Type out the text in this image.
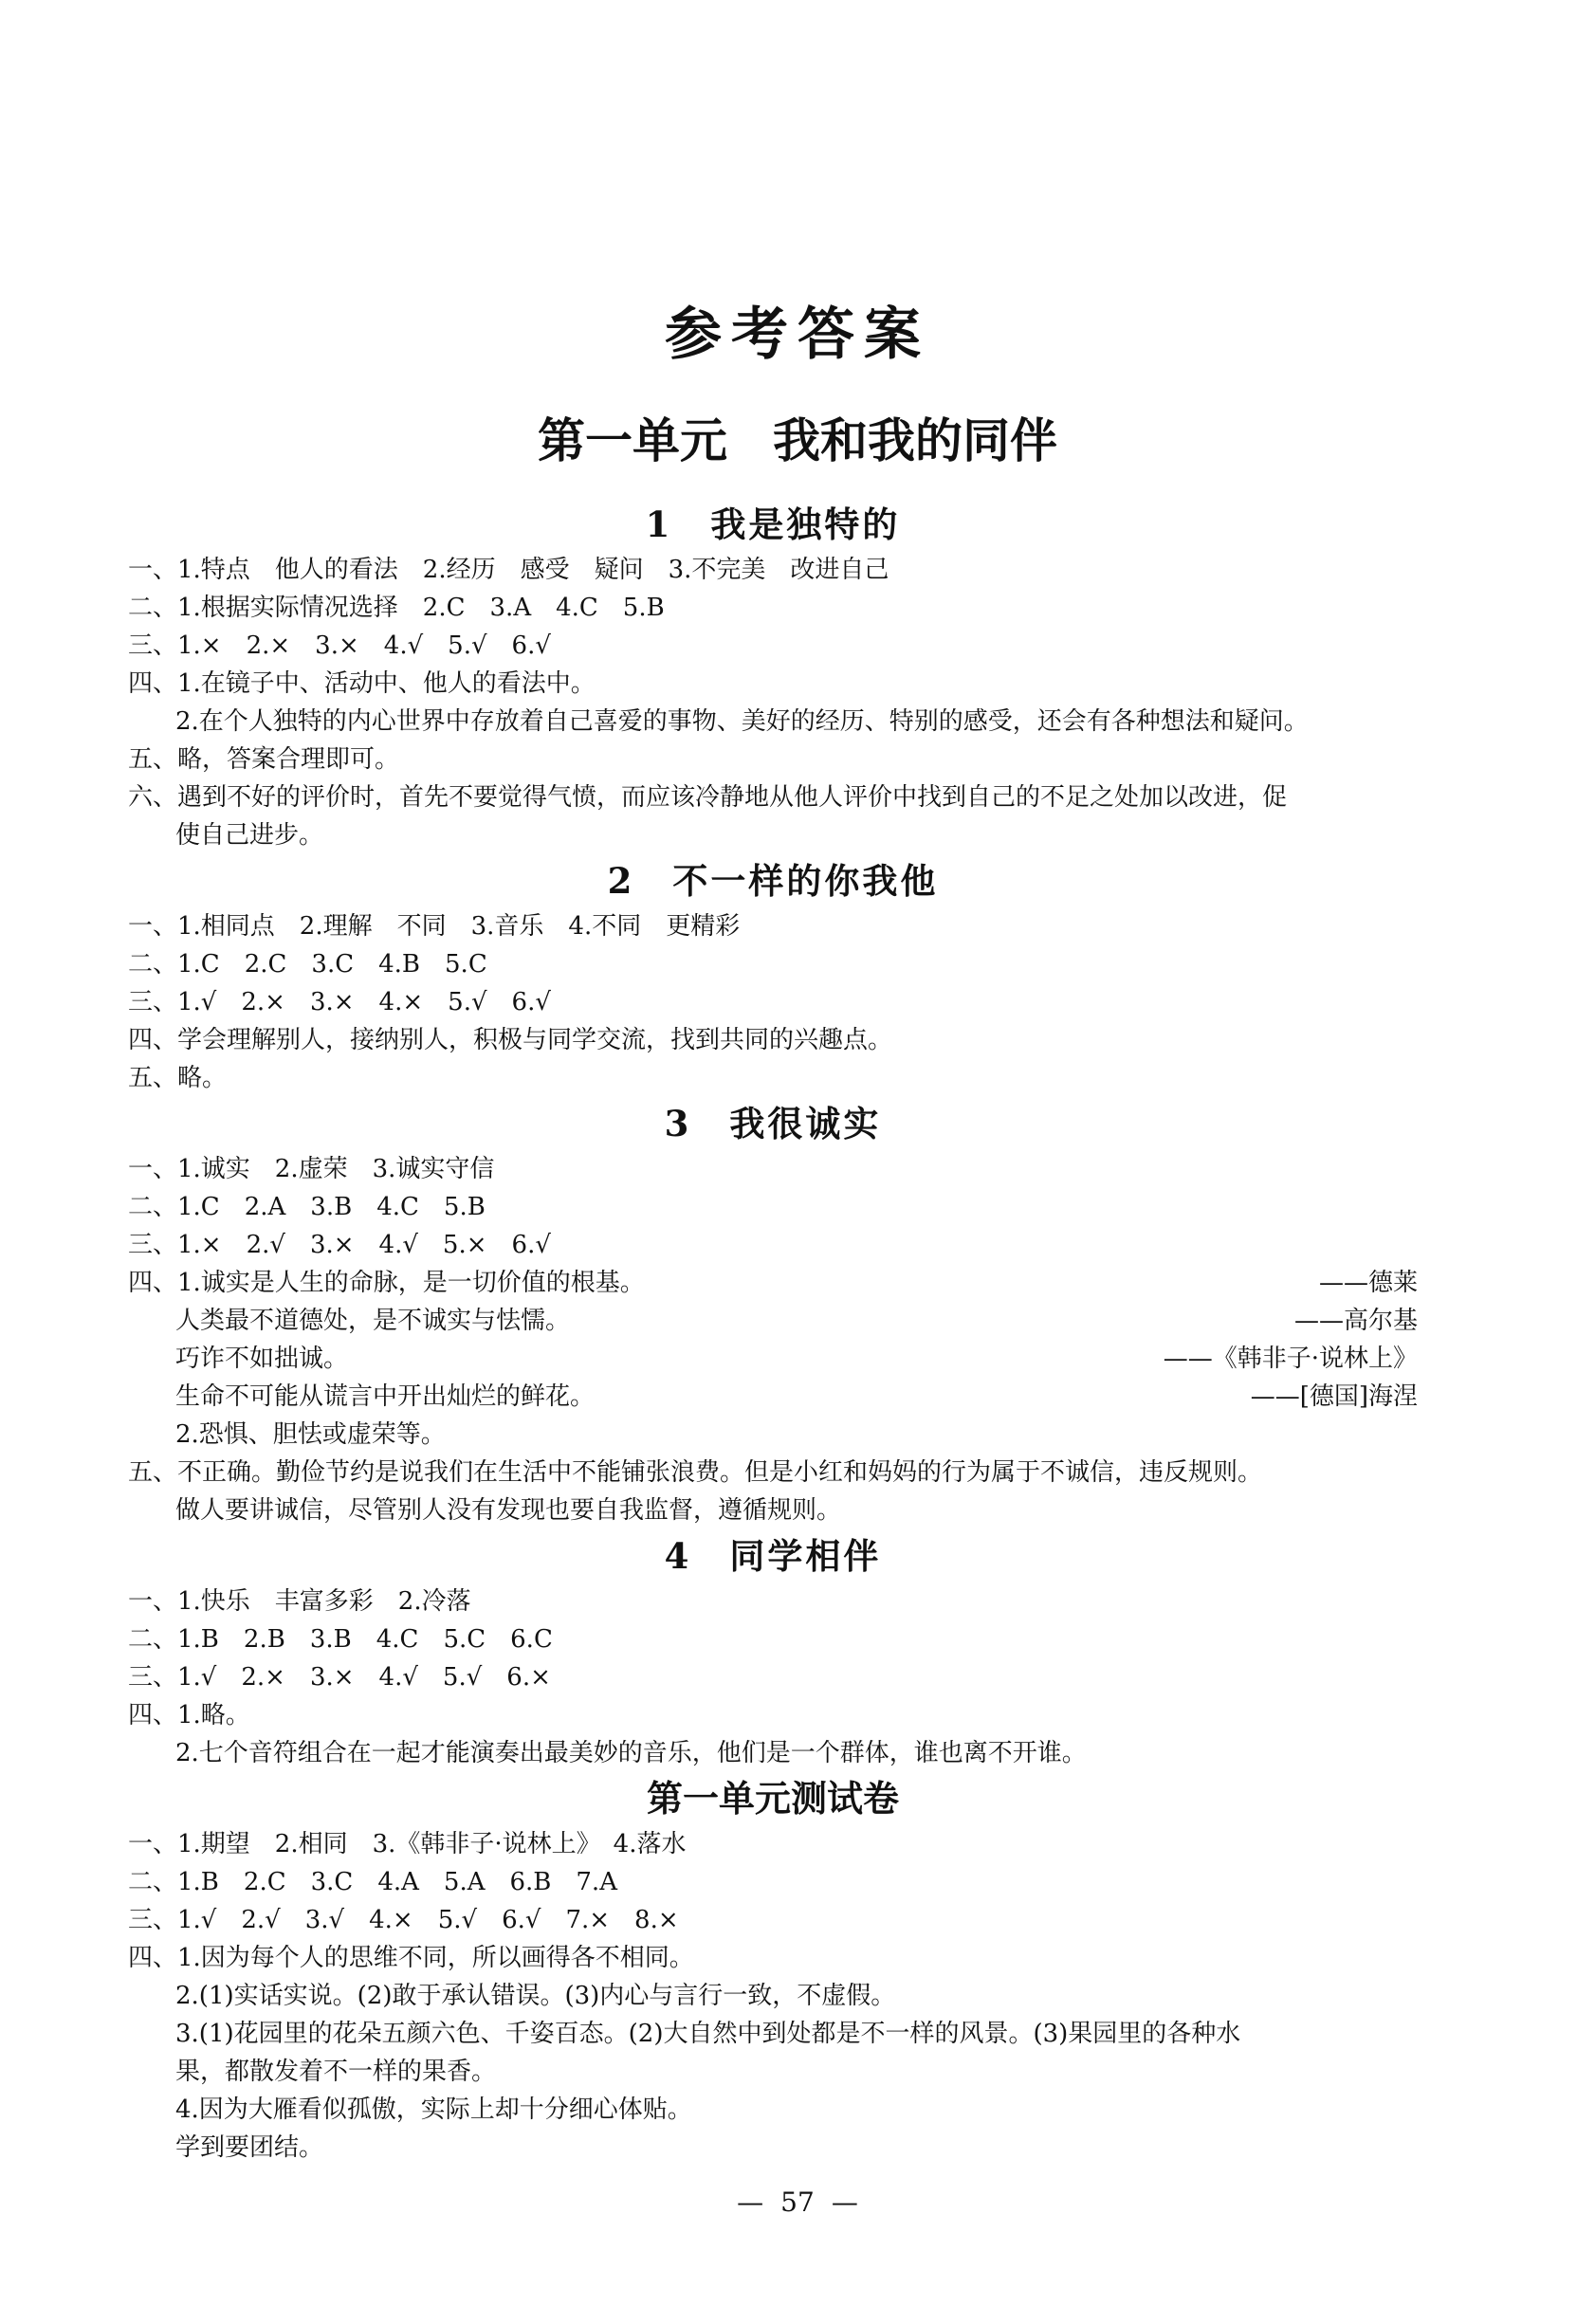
参考答案
第一单元 我和我的同伴
1 我是独特的
一、1.特点　他人的看法　2.经历　感受　疑问　3.不完美　改进自己
二、1.根据实际情况选择　2.C　3.A　4.C　5.B
三、1.×　2.×　3.×　4.√　5.√　6.√
四、1.在镜子中、活动中、他人的看法中。
2.在个人独特的内心世界中存放着自己喜爱的事物、美好的经历、特别的感受，还会有各种想法和疑问。
五、略，答案合理即可。
六、遇到不好的评价时，首先不要觉得气愤，而应该冷静地从他人评价中找到自己的不足之处加以改进，促
使自己进步。
2 不一样的你我他
一、1.相同点　2.理解　不同　3.音乐　4.不同　更精彩
二、1.C　2.C　3.C　4.B　5.C
三、1.√　2.×　3.×　4.×　5.√　6.√
四、学会理解别人，接纳别人，积极与同学交流，找到共同的兴趣点。
五、略。
3 我很诚实
一、1.诚实　2.虚荣　3.诚实守信
二、1.C　2.A　3.B　4.C　5.B
三、1.×　2.√　3.×　4.√　5.×　6.√
四、1.诚实是人生的命脉，是一切价值的根基。	——德莱
人类最不道德处，是不诚实与怯懦。	——高尔基
巧诈不如拙诚。	——《韩非子·说林上》
生命不可能从谎言中开出灿烂的鲜花。	——[德国]海涅
2.恐惧、胆怯或虚荣等。
五、不正确。勤俭节约是说我们在生活中不能铺张浪费。但是小红和妈妈的行为属于不诚信，违反规则。
做人要讲诚信，尽管别人没有发现也要自我监督，遵循规则。
4 同学相伴
一、1.快乐　丰富多彩　2.冷落
二、1.B　2.B　3.B　4.C　5.C　6.C
三、1.√　2.×　3.×　4.√　5.√　6.×
四、1.略。
2.七个音符组合在一起才能演奏出最美妙的音乐，他们是一个群体，谁也离不开谁。
第一单元测试卷
一、1.期望　2.相同　3.《韩非子·说林上》　4.落水
二、1.B　2.C　3.C　4.A　5.A　6.B　7.A
三、1.√　2.√　3.√　4.×　5.√　6.√　7.×　8.×
四、1.因为每个人的思维不同，所以画得各不相同。
2.(1)实话实说。(2)敢于承认错误。(3)内心与言行一致，不虚假。
3.(1)花园里的花朵五颜六色、千姿百态。(2)大自然中到处都是不一样的风景。(3)果园里的各种水
果，都散发着不一样的果香。
4.因为大雁看似孤傲，实际上却十分细心体贴。
学到要团结。
— 57 —
